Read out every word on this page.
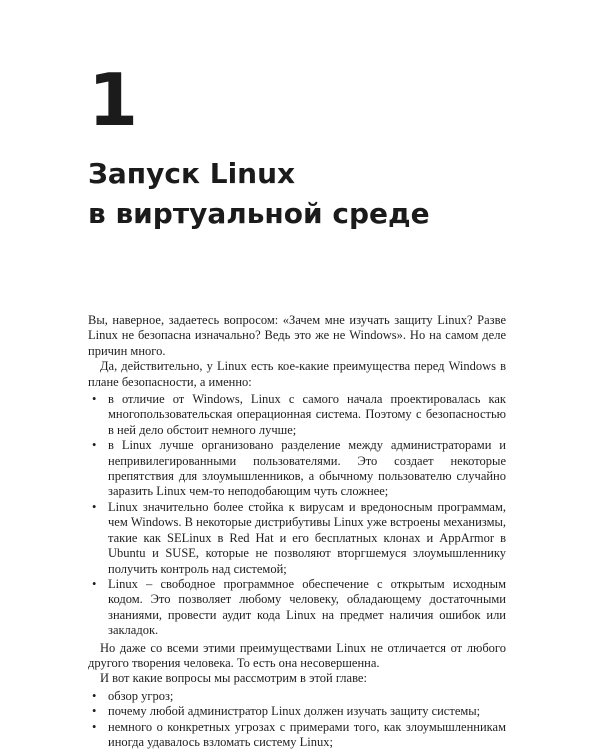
1
Запуск Linux
в виртуальной среде

Вы, наверное, задаетесь вопросом: «Зачем мне изучать защиту Linux? Разве Linux не безопасна изначально? Ведь это же не Windows». Но на самом деле причин много.

Да, действительно, у Linux есть кое-какие преимущества перед Windows в плане безопасности, а именно:

• в отличие от Windows, Linux с самого начала проектировалась как многопользовательская операционная система. Поэтому с безопасностью в ней дело обстоит немного лучше;
• в Linux лучше организовано разделение между администраторами и непривилегированными пользователями. Это создает некоторые препятствия для злоумышленников, а обычному пользователю случайно заразить Linux чем-то неподобающим чуть сложнее;
• Linux значительно более стойка к вирусам и вредоносным программам, чем Windows. В некоторые дистрибутивы Linux уже встроены механизмы, такие как SELinux в Red Hat и его бесплатных клонах и AppArmor в Ubuntu и SUSE, которые не позволяют вторгшемуся злоумышленнику получить контроль над системой;
• Linux – свободное программное обеспечение с открытым исходным кодом. Это позволяет любому человеку, обладающему достаточными знаниями, провести аудит кода Linux на предмет наличия ошибок или закладок.

Но даже со всеми этими преимуществами Linux не отличается от любого другого творения человека. То есть она несовершенна.

И вот какие вопросы мы рассмотрим в этой главе:

• обзор угроз;
• почему любой администратор Linux должен изучать защиту системы;
• немного о конкретных угрозах с примерами того, как злоумышленникам иногда удавалось взломать систему Linux;
